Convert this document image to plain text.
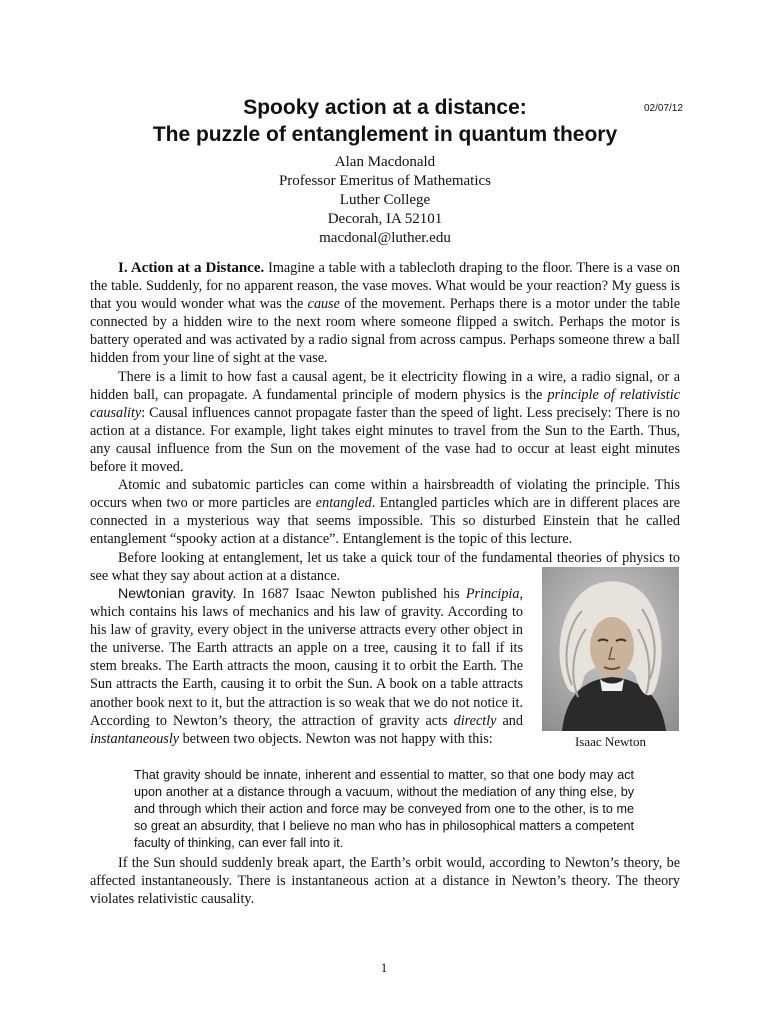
02/07/12
Spooky action at a distance:
The puzzle of entanglement in quantum theory
Alan Macdonald
Professor Emeritus of Mathematics
Luther College
Decorah, IA 52101
macdonal@luther.edu

I. Action at a Distance. Imagine a table with a tablecloth draping to the floor. There is a vase on the table. Suddenly, for no apparent reason, the vase moves. What would be your reaction? My guess is that you would wonder what was the cause of the movement. Perhaps there is a motor under the table connected by a hidden wire to the next room where someone flipped a switch. Perhaps the motor is battery operated and was activated by a radio signal from across campus. Perhaps someone threw a ball hidden from your line of sight at the vase.

There is a limit to how fast a causal agent, be it electricity flowing in a wire, a radio signal, or a hidden ball, can propagate. A fundamental principle of modern physics is the principle of relativistic causality: Causal influences cannot propagate faster than the speed of light. Less precisely: There is no action at a distance. For example, light takes eight minutes to travel from the Sun to the Earth. Thus, any causal influence from the Sun on the movement of the vase had to occur at least eight minutes before it moved.

Atomic and subatomic particles can come within a hairsbreadth of violating the principle. This occurs when two or more particles are entangled. Entangled particles which are in different places are connected in a mysterious way that seems impossible. This so disturbed Einstein that he called entanglement “spooky action at a distance”. Entanglement is the topic of this lecture.

Before looking at entanglement, let us take a quick tour of the fundamental theories of physics to see what they say about action at a distance.

Isaac Newton

Newtonian gravity. In 1687 Isaac Newton published his Principia, which contains his laws of mechanics and his law of gravity. According to his law of gravity, every object in the universe attracts every other object in the universe. The Earth attracts an apple on a tree, causing it to fall if its stem breaks. The Earth attracts the moon, causing it to orbit the Earth. The Sun attracts the Earth, causing it to orbit the Sun. A book on a table attracts another book next to it, but the attraction is so weak that we do not notice it. According to Newton’s theory, the attraction of gravity acts directly and instantaneously between two objects. Newton was not happy with this:

That gravity should be innate, inherent and essential to matter, so that one body may act upon another at a distance through a vacuum, without the mediation of any thing else, by and through which their action and force may be conveyed from one to the other, is to me so great an absurdity, that I believe no man who has in philosophical matters a competent faculty of thinking, can ever fall into it.

If the Sun should suddenly break apart, the Earth’s orbit would, according to Newton’s theory, be affected instantaneously. There is instantaneous action at a distance in Newton’s theory. The theory violates relativistic causality.

1
